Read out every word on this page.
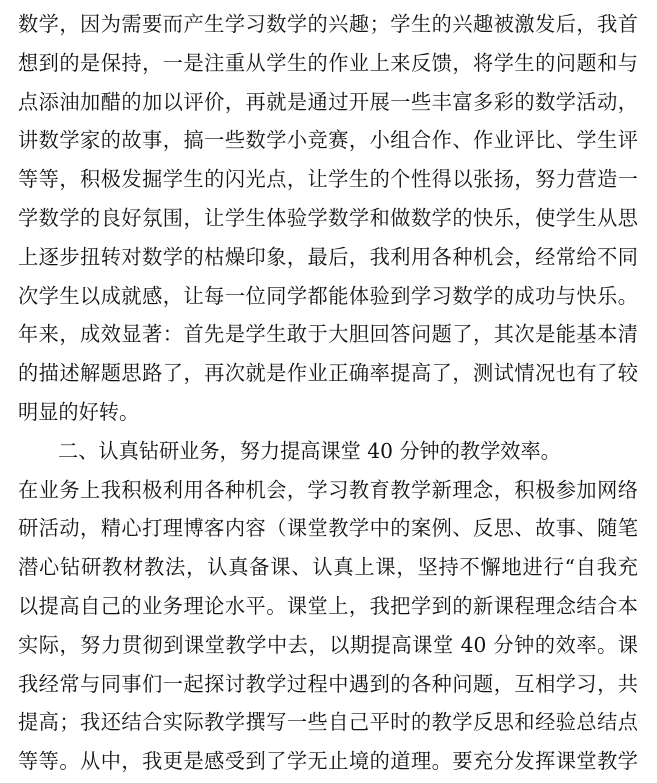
数学，因为需要而产生学习数学的兴趣；学生的兴趣被激发后，我首
想到的是保持，一是注重从学生的作业上来反馈，将学生的问题和与
点添油加醋的加以评价，再就是通过开展一些丰富多彩的数学活动，
讲数学家的故事，搞一些数学小竞赛，小组合作、作业评比、学生评
等等，积极发掘学生的闪光点，让学生的个性得以张扬，努力营造一
学数学的良好氛围，让学生体验学数学和做数学的快乐，使学生从思
上逐步扭转对数学的枯燥印象，最后，我利用各种机会，经常给不同
次学生以成就感，让每一位同学都能体验到学习数学的成功与快乐。
年来，成效显著：首先是学生敢于大胆回答问题了，其次是能基本清
的描述解题思路了，再次就是作业正确率提高了，测试情况也有了较
明显的好转。
二、认真钻研业务，努力提高课堂 40 分钟的教学效率。
在业务上我积极利用各种机会，学习教育教学新理念，积极参加网络
研活动，精心打理博客内容（课堂教学中的案例、反思、故事、随笔
潜心钻研教材教法，认真备课、认真上课，坚持不懈地进行“自我充
以提高自己的业务理论水平。课堂上，我把学到的新课程理念结合本
实际，努力贯彻到课堂教学中去，以期提高课堂 40 分钟的效率。课
我经常与同事们一起探讨教学过程中遇到的各种问题，互相学习，共
提高；我还结合实际教学撰写一些自己平时的教学反思和经验总结点
等等。从中，我更是感受到了学无止境的道理。要充分发挥课堂教学
